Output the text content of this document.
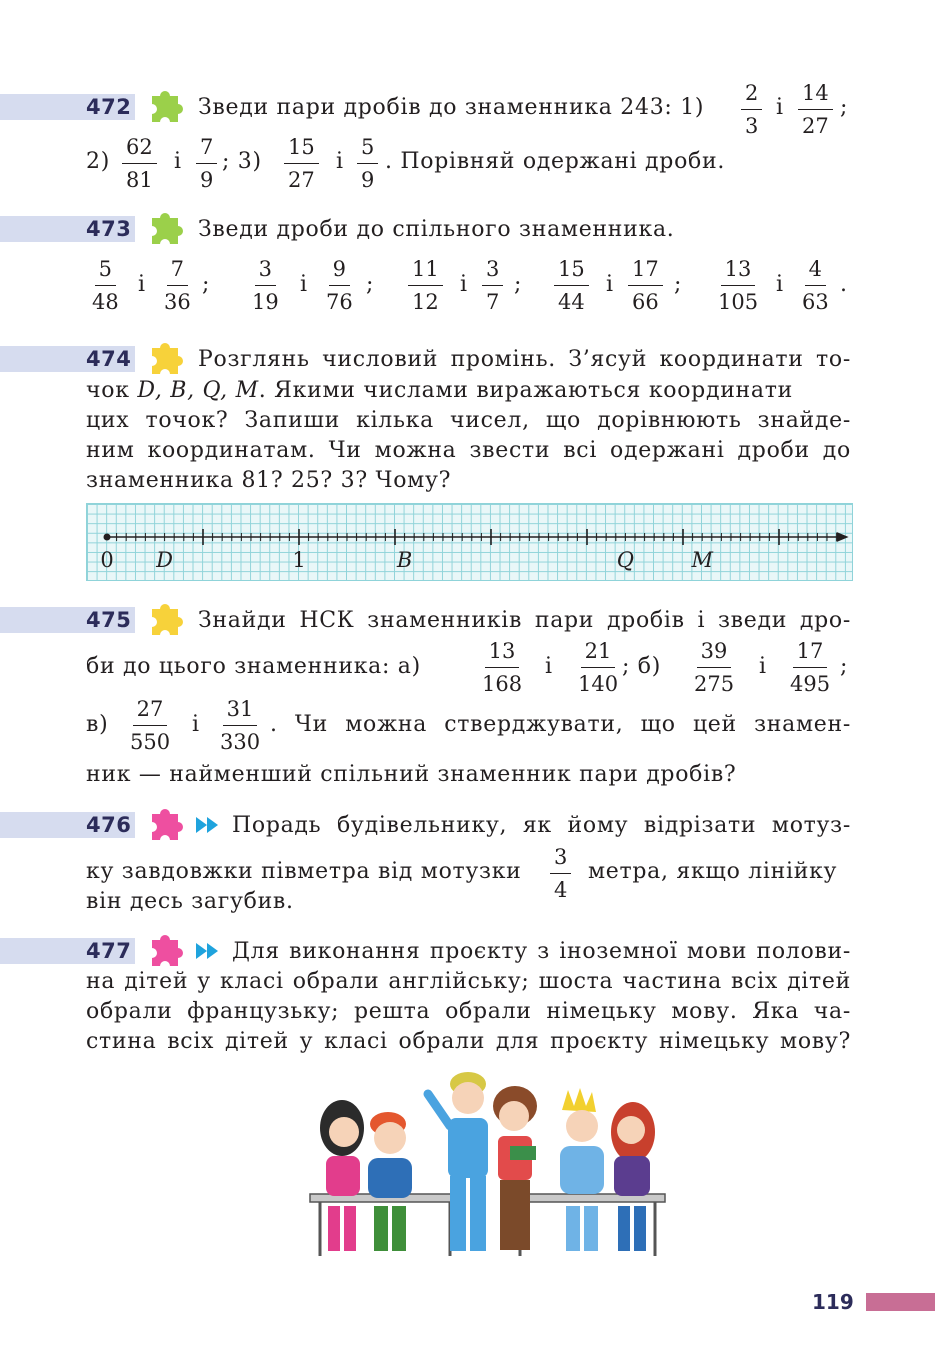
472	Зведи пари дробів до знаменника 243: $1) \frac{2}{3}$ і $\frac{14}{27}$ ;
$2) \frac{62}{81}$ і $\frac{7}{9}$ ; $3) \frac{15}{27}$ і $\frac{5}{9}$ . Порівняй одержані дроби.
473	Зведи дроби до спільного знаменника.
$\frac{5}{48}$ і $\frac{7}{36}$ ; $\frac{3}{19}$ і $\frac{9}{76}$ ; $\frac{11}{12}$ і $\frac{3}{7}$ ; $\frac{15}{44}$ і $\frac{17}{66}$ ; $\frac{13}{105}$ і $\frac{4}{63}$ .
474	Розглянь числовий промінь. З’ясуй координати то-
чок D, B, Q, M. Якими числами виражаються координати
цих точок? Запиши кілька чисел, що дорівнюють знайде-
ним координатам. Чи можна звести всі одержані дроби до
знаменника 81? 25? 3? Чому?
0	1
D	B	Q	M
475	Знайди НСК знаменників пари дробів і зведи дро-
би до цього знаменника: а)	$\frac{13}{168}$ і $\frac{21}{140}$ ; $б) \frac{39}{275}$ і $\frac{17}{495}$ ;
$в) \frac{27}{550}$ і $\frac{31}{330}$ . Чи можна стверджувати, що цей знамен-
ник — найменший спільний знаменник пари дробів?
476	Порадь будівельнику, як йому відрізати мотуз-
ку завдовжки півметра від мотузки $\frac{3}{4}$ метра, якщо лінійку
він десь загубив.
477	Для виконання проєкту з іноземної мови полови-
на дітей у класі обрали англійську; шоста частина всіх дітей
обрали французьку; решта обрали німецьку мову. Яка ча-
стина всіх дітей у класі обрали для проєкту німецьку мову?
119
